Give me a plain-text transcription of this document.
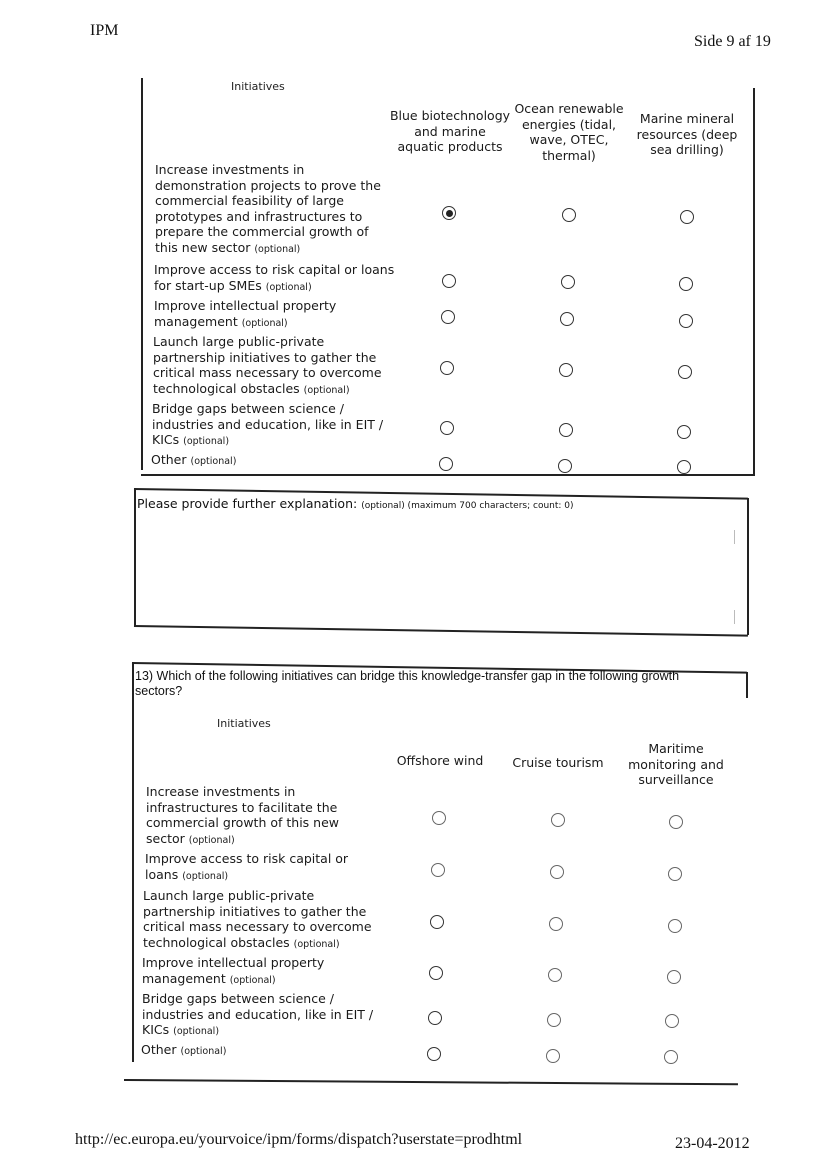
IPM
Side 9 af 19
Initiatives
Blue biotechnology
and marine
aquatic products
Ocean renewable
energies (tidal,
wave, OTEC,
thermal)
Marine mineral
resources (deep
sea drilling)
Increase investments in
demonstration projects to prove the
commercial feasibility of large
prototypes and infrastructures to
prepare the commercial growth of
this new sector (optional)
Improve access to risk capital or loans
for start-up SMEs (optional)
Improve intellectual property
management (optional)
Launch large public-private
partnership initiatives to gather the
critical mass necessary to overcome
technological obstacles (optional)
Bridge gaps between science /
industries and education, like in EIT /
KICs (optional)
Other (optional)
Please provide further explanation: (optional) (maximum 700 characters; count: 0)
13) Which of the following initiatives can bridge this knowledge-transfer gap in the following growth
sectors?
Initiatives
Offshore wind	Cruise tourism
Maritime
monitoring and
surveillance
Increase investments in
infrastructures to facilitate the
commercial growth of this new
sector (optional)
Improve access to risk capital or
loans (optional)
Launch large public-private
partnership initiatives to gather the
critical mass necessary to overcome
technological obstacles (optional)
Improve intellectual property
management (optional)
Bridge gaps between science /
industries and education, like in EIT /
KICs (optional)
Other (optional)
http://ec.europa.eu/yourvoice/ipm/forms/dispatch?userstate=prodhtml	23-04-2012
